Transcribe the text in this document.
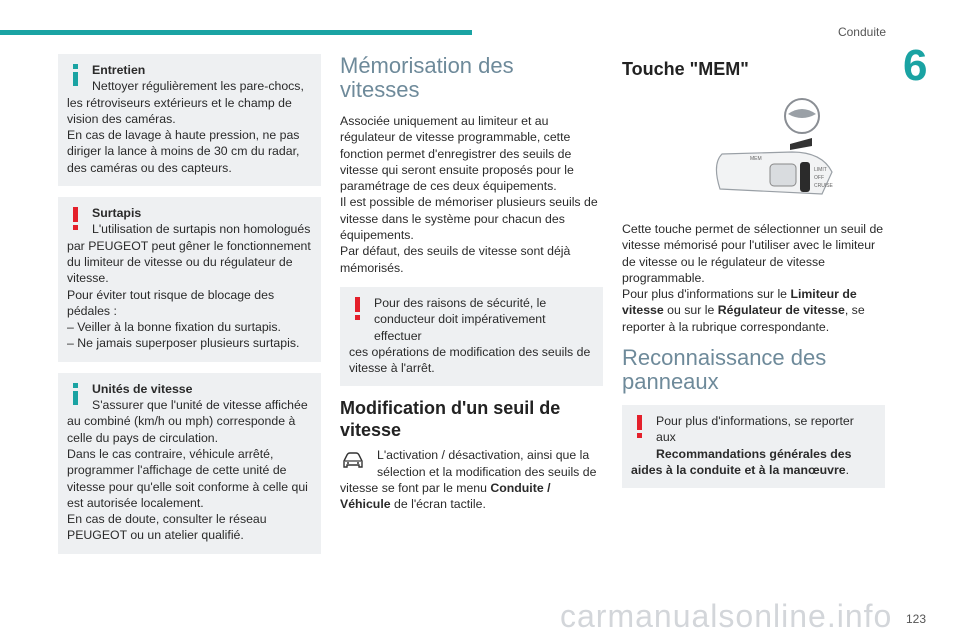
Conduite
6

Entretien

Nettoyer régulièrement les pare-chocs,

les rétroviseurs extérieurs et le champ de vision des caméras.

En cas de lavage à haute pression, ne pas diriger la lance à moins de 30 cm du radar, des caméras ou des capteurs.

Surtapis

L'utilisation de surtapis non homologués

par PEUGEOT peut gêner le fonctionnement du limiteur de vitesse ou du régulateur de vitesse.

Pour éviter tout risque de blocage des pédales :

– Veiller à la bonne fixation du surtapis.

– Ne jamais superposer plusieurs surtapis.

Unités de vitesse

S'assurer que l'unité de vitesse affichée

au combiné (km/h ou mph) corresponde à celle du pays de circulation.

Dans le cas contraire, véhicule arrêté, programmer l'affichage de cette unité de vitesse pour qu'elle soit conforme à celle qui est autorisée localement.

En cas de doute, consulter le réseau PEUGEOT ou un atelier qualifié.

Mémorisation des vitesses

Associée uniquement au limiteur et au régulateur de vitesse programmable, cette fonction permet d'enregistrer des seuils de vitesse qui seront ensuite proposés pour le paramétrage de ces deux équipements.
Il est possible de mémoriser plusieurs seuils de vitesse dans le système pour chacun des équipements.
Par défaut, des seuils de vitesse sont déjà mémorisés.

Pour des raisons de sécurité, le

conducteur doit impérativement effectuer

ces opérations de modification des seuils de vitesse à l'arrêt.

Modification d'un seuil de vitesse

L'activation / désactivation, ainsi que la

sélection et la modification des seuils de

vitesse se font par le menu Conduite / Véhicule de l'écran tactile.

Touche "MEM"
MEM
LIMIT
OFF
CRUISE

Cette touche permet de sélectionner un seuil de vitesse mémorisé pour l'utiliser avec le limiteur de vitesse ou le régulateur de vitesse programmable.
Pour plus d'informations sur le Limiteur de vitesse ou sur le Régulateur de vitesse, se reporter à la rubrique correspondante.

Reconnaissance des panneaux

Pour plus d'informations, se reporter aux

Recommandations générales des

aides à la conduite et à la manœuvre.

carmanualsonline.info 123
